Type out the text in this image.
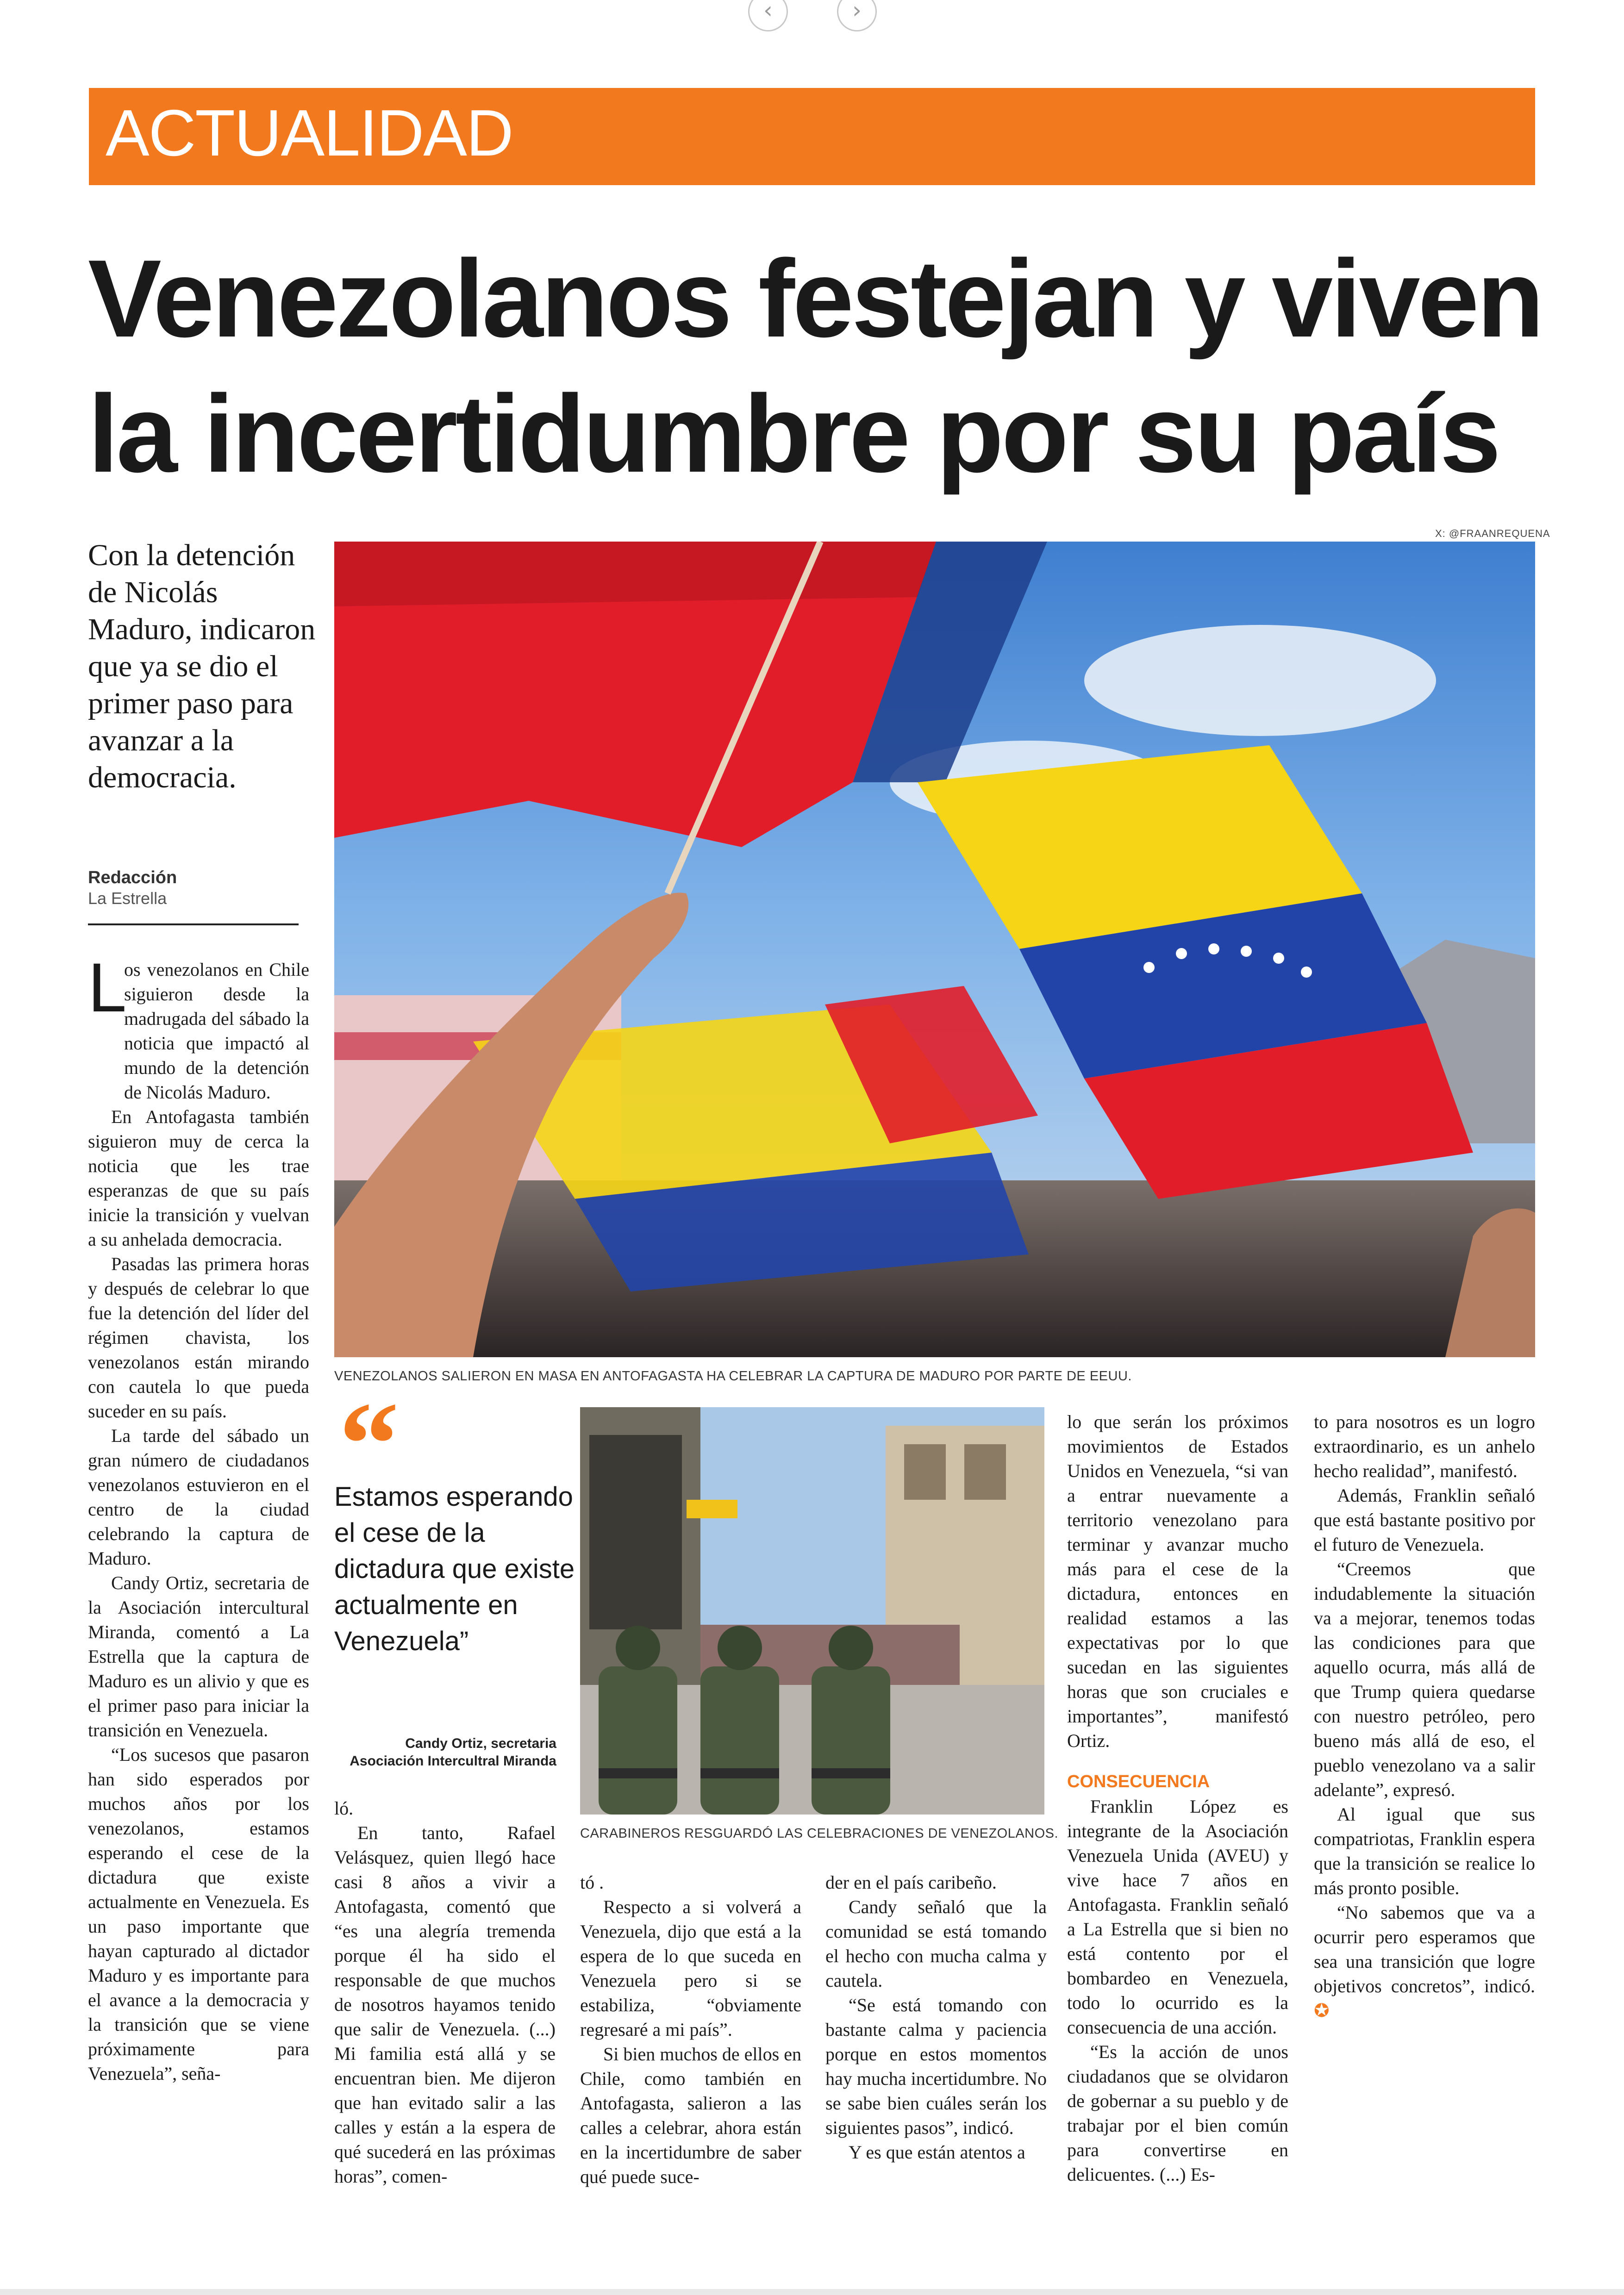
‹	›
ACTUALIDAD
Venezolanos festejan y viven
la incertidumbre por su país
Con la detención de Nicolás Maduro, indicaron que ya se dio el primer paso para avanzar a la democracia.
Redacción
La Estrella
X: @FRAANREQUENA
VENEZOLANOS SALIERON EN MASA EN ANTOFAGASTA HA CELEBRAR LA CAPTURA DE MADURO POR PARTE DE EEUU.
“
Estamos esperando el cese de la dictadura que existe actualmente en Venezuela”
Candy Ortiz, secretaria
Asociación Intercultral Miranda
CARABINEROS RESGUARDÓ LAS CELEBRACIONES DE VENEZOLANOS.
L

os venezolanos en Chile siguieron desde la madrugada del sábado la noticia que impactó al mundo de la detención de Nicolás Maduro.

En Antofagasta también siguieron muy de cerca la noticia que les trae esperanzas de que su país inicie la transición y vuelvan a su anhelada democracia.

Pasadas las primera horas y después de celebrar lo que fue la detención del líder del régimen chavista, los venezolanos están mirando con cautela lo que pueda suceder en su país.

La tarde del sábado un gran número de ciudadanos venezolanos estuvieron en el centro de la ciudad celebrando la captura de Maduro.

Candy Ortiz, secretaria de la Asociación intercultural Miranda, comentó a La Estrella que la captura de Maduro es un alivio y que es el primer paso para iniciar la transición en Venezuela.

“Los sucesos que pasaron han sido esperados por muchos años por los venezolanos, estamos esperando el cese de la dictadura que existe actualmente en Venezuela. Es un paso importante que hayan capturado al dictador Maduro y es importante para el avance a la democracia y la transición que se viene próximamente para Venezuela”, seña-

ló.

En tanto, Rafael Velásquez, quien llegó hace casi 8 años a vivir a Antofagasta, comentó que “es una alegría tremenda porque él ha sido el responsable de que muchos de nosotros hayamos tenido que salir de Venezuela. (...) Mi familia está allá y se encuentran bien. Me dijeron que han evitado salir a las calles y están a la espera de qué sucederá en las próximas horas”, comen-

tó .

Respecto a si volverá a Venezuela, dijo que está a la espera de lo que suceda en Venezuela pero si se estabiliza, “obviamente regresaré a mi país”.

Si bien muchos de ellos en Chile, como también en Antofagasta, salieron a las calles a celebrar, ahora están en la incertidumbre de saber qué puede suce-

der en el país caribeño.

Candy señaló que la comunidad se está tomando el hecho con mucha calma y cautela.

“Se está tomando con bastante calma y paciencia porque en estos momentos hay mucha incertidumbre. No se sabe bien cuáles serán los siguientes pasos”, indicó.

Y es que están atentos a

lo que serán los próximos movimientos de Estados Unidos en Venezuela, “si van a entrar nuevamente a territorio venezolano para terminar y avanzar mucho más para el cese de la dictadura, entonces en realidad estamos a las expectativas por lo que sucedan en las siguientes horas que son cruciales e importantes”, manifestó Ortiz.

CONSECUENCIA

Franklin López es integrante de la Asociación Venezuela Unida (AVEU) y vive hace 7 años en Antofagasta. Franklin señaló a La Estrella que si bien no está contento por el bombardeo en Venezuela, todo lo ocurrido es la consecuencia de una acción.

“Es la acción de unos ciudadanos que se olvidaron de gobernar a su pueblo y de trabajar por el bien común para convertirse en delicuentes. (...) Es-

to para nosotros es un logro extraordinario, es un anhelo hecho realidad”, manifestó.

Además, Franklin señaló que está bastante positivo por el futuro de Venezuela.

“Creemos que indudablemente la situación va a mejorar, tenemos todas las condiciones para que aquello ocurra, más allá de que Trump quiera quedarse con nuestro petróleo, pero bueno más allá de eso, el pueblo venezolano va a salir adelante”, expresó.

Al igual que sus compatriotas, Franklin espera que la transición se realice lo más pronto posible.

“No sabemos que va a ocurrir pero esperamos que sea una transición que logre objetivos concretos”, indicó. ✪
